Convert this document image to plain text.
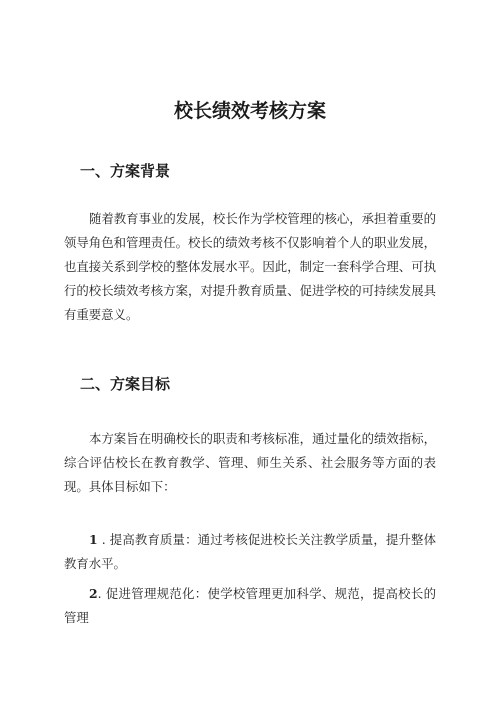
校长绩效考核方案
一、方案背景

随着教育事业的发展，校长作为学校管理的核心，承担着重要的领导角色和管理责任。校长的绩效考核不仅影响着个人的职业发展，也直接关系到学校的整体发展水平。因此，制定一套科学合理、可执行的校长绩效考核方案，对提升教育质量、促进学校的可持续发展具有重要意义。

二、方案目标

本方案旨在明确校长的职责和考核标准，通过量化的绩效指标，综合评估校长在教育教学、管理、师生关系、社会服务等方面的表现。具体目标如下：

1 . 提高教育质量：通过考核促进校长关注教学质量，提升整体教育水平。

2. 促进管理规范化：使学校管理更加科学、规范，提高校长的管理
